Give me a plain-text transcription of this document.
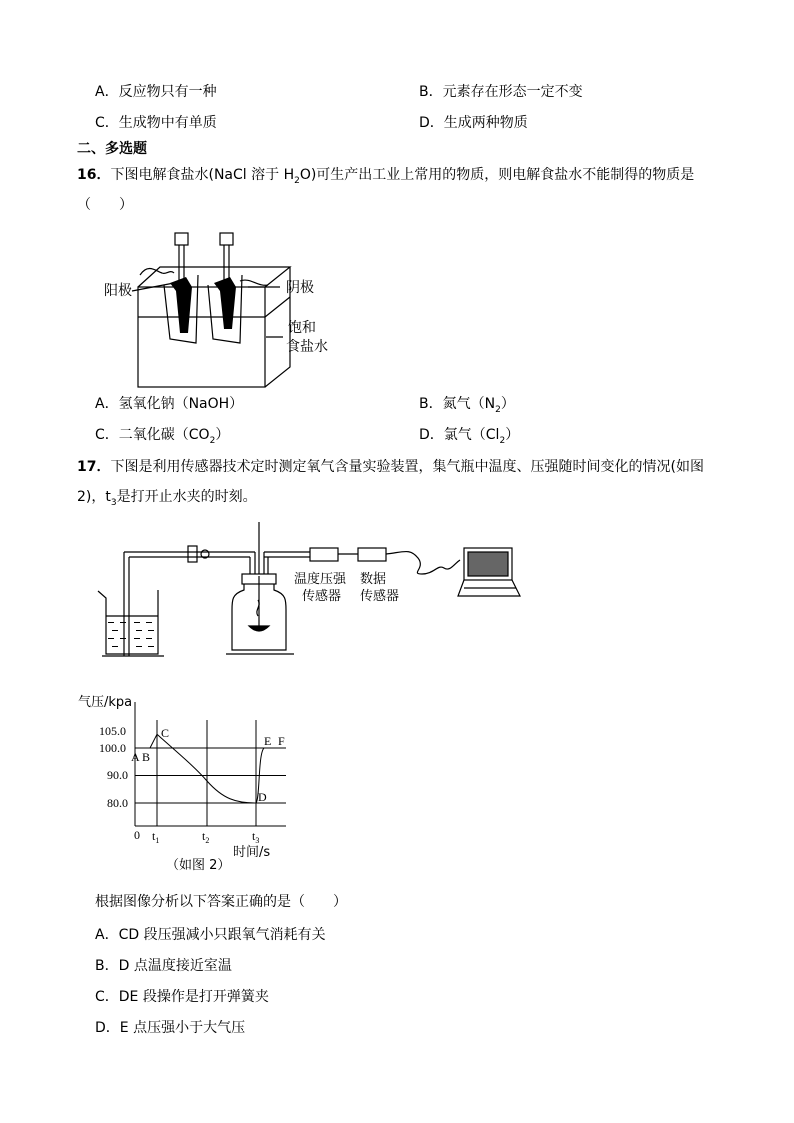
A．反应物只有一种	B．元素存在形态一定不变
C．生成物中有单质	D．生成两种物质
二、多选题
16．下图电解食盐水(NaCl 溶于 $H_2O$)可生产出工业上常用的物质，则电解食盐水不能制得的物质是
（　　）
阳极	阴极
饱和
食盐水
A．氢氧化钠（NaOH）	B．氮气$(N_2)$
C．二氧化碳$(CO_2)$	D．氯气$(Cl_2)$
17．下图是利用传感器技术定时测定氧气含量实验装置，集气瓶中温度、压强随时间变化的情况(如图
2)，$t_3$是打开止水夹的时刻。
温度压强
传感器
数据
传感器
气压/kpa
105.0
100.0
90.0
80.0
0 $t_1$	$t_2$	$t_3$
时间/s
A B
C
D
E F
（如图 2）
根据图像分析以下答案正确的是（　　）
A．CD 段压强减小只跟氧气消耗有关
B．D 点温度接近室温
C．DE 段操作是打开弹簧夹
D．E 点压强小于大气压
